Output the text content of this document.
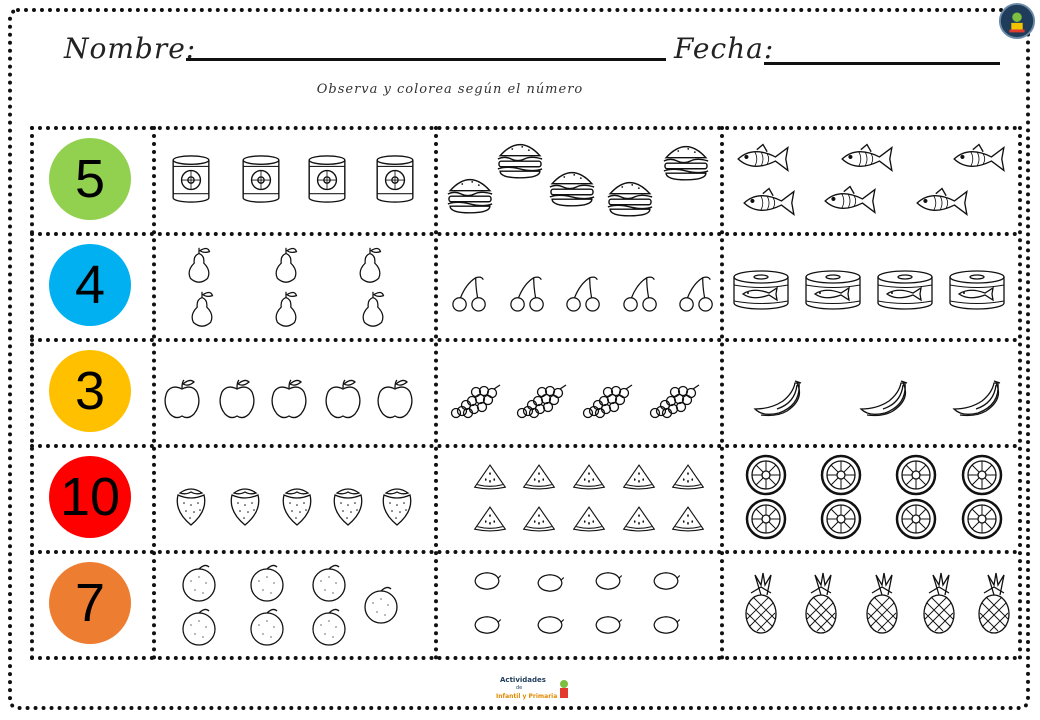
Nombre:	Fecha:
Observa y colorea según el número
5
4
3
10
7
Actividades
de
Infantil y Primaria
